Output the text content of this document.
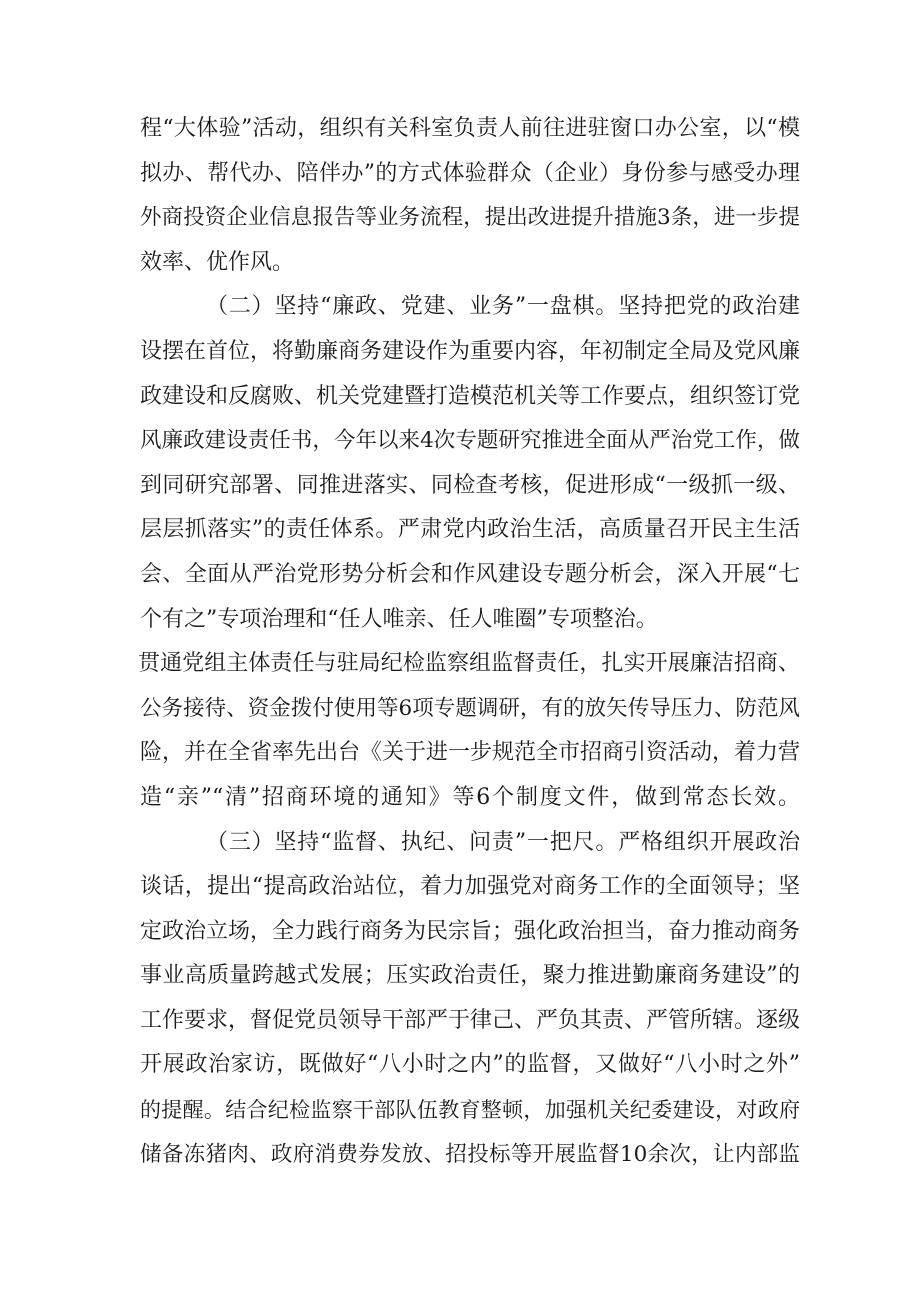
程“大体验”活动，组织有关科室负责人前往进驻窗口办公室，以“模
拟办、帮代办、陪伴办”的方式体验群众（企业）身份参与感受办理
外商投资企业信息报告等业务流程，提出改进提升措施3条，进一步提
效率、优作风。
（二）坚持“廉政、党建、业务”一盘棋。坚持把党的政治建
设摆在首位，将勤廉商务建设作为重要内容，年初制定全局及党风廉
政建设和反腐败、机关党建暨打造模范机关等工作要点，组织签订党
风廉政建设责任书，今年以来4次专题研究推进全面从严治党工作，做
到同研究部署、同推进落实、同检查考核，促进形成“一级抓一级、
层层抓落实”的责任体系。严肃党内政治生活，高质量召开民主生活
会、全面从严治党形势分析会和作风建设专题分析会，深入开展“七
个有之”专项治理和“任人唯亲、任人唯圈”专项整治。
贯通党组主体责任与驻局纪检监察组监督责任，扎实开展廉洁招商、
公务接待、资金拨付使用等6项专题调研，有的放矢传导压力、防范风
险，并在全省率先出台《关于进一步规范全市招商引资活动，着力营
造“亲”“清”招商环境的通知》等6个制度文件，做到常态长效。
（三）坚持“监督、执纪、问责”一把尺。严格组织开展政治
谈话，提出“提高政治站位，着力加强党对商务工作的全面领导；坚
定政治立场，全力践行商务为民宗旨；强化政治担当，奋力推动商务
事业高质量跨越式发展；压实政治责任，聚力推进勤廉商务建设”的
工作要求，督促党员领导干部严于律己、严负其责、严管所辖。逐级
开展政治家访，既做好“八小时之内”的监督，又做好“八小时之外”
的提醒。结合纪检监察干部队伍教育整顿，加强机关纪委建设，对政府
储备冻猪肉、政府消费券发放、招投标等开展监督10余次，让内部监
